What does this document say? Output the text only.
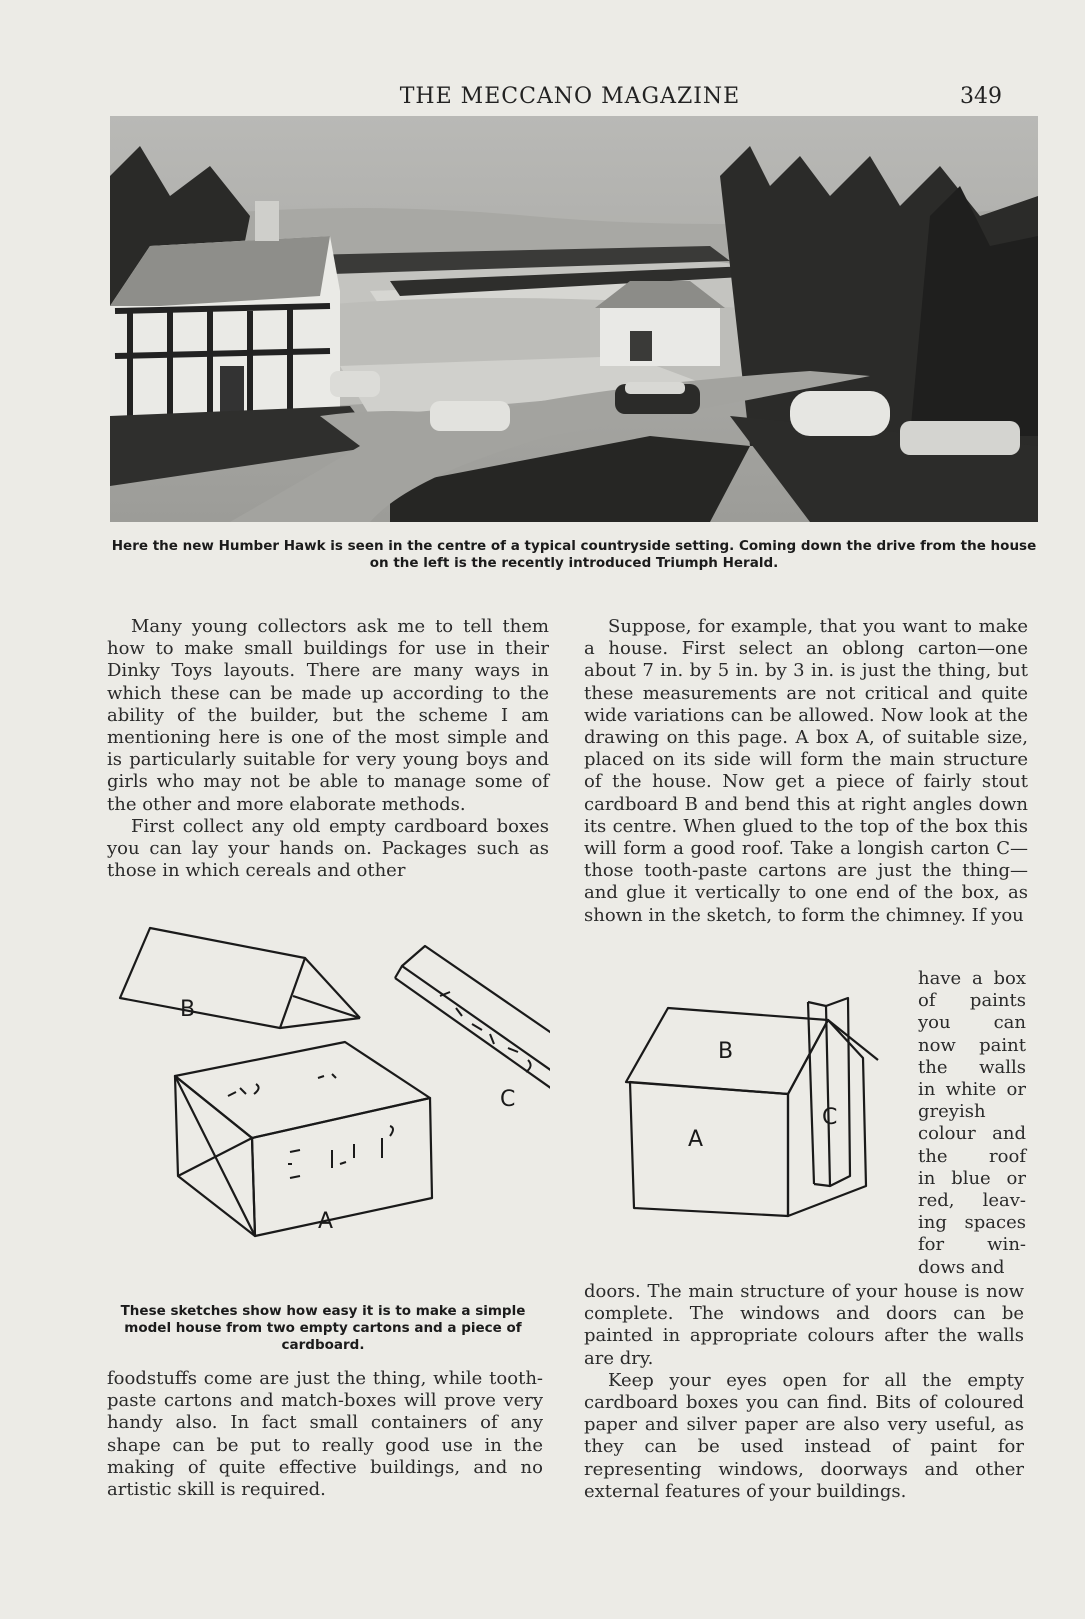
THE MECCANO MAGAZINE	349
Here the new Humber Hawk is seen in the centre of a typical countryside setting. Coming down the drive from the house on the left is the recently introduced Triumph Herald.

Many young collectors ask me to tell them how to make small buildings for use in their Dinky Toys layouts. There are many ways in which these can be made up according to the ability of the builder, but the scheme I am mentioning here is one of the most simple and is particularly suitable for very young boys and girls who may not be able to manage some of the other and more elaborate methods.

First collect any old empty cardboard boxes you can lay your hands on. Packages such as those in which cereals and other

B
C
A
These sketches show how easy it is to make a simple model house from two empty cartons and a piece of cardboard.

foodstuffs come are just the thing, while tooth-paste cartons and match-boxes will prove very handy also. In fact small containers of any shape can be put to really good use in the making of quite effective buildings, and no artistic skill is required.

Suppose, for example, that you want to make a house. First select an oblong carton—one about 7 in. by 5 in. by 3 in. is just the thing, but these measurements are not critical and quite wide variations can be allowed. Now look at the drawing on this page. A box A, of suitable size, placed on its side will form the main structure of the house. Now get a piece of fairly stout cardboard B and bend this at right angles down its centre. When glued to the top of the box this will form a good roof. Take a longish carton C—those tooth-paste cartons are just the thing—and glue it vertically to one end of the box, as shown in the sketch, to form the chimney. If you

B
A
C
have a box
of paints
you can
now paint
the walls
in white or
greyish
colour and
the roof
in blue or
red, leav-
ing spaces
for win-
dows and

doors. The main structure of your house is now complete. The windows and doors can be painted in appropriate colours after the walls are dry.

Keep your eyes open for all the empty cardboard boxes you can find. Bits of coloured paper and silver paper are also very useful, as they can be used instead of paint for representing windows, doorways and other external features of your buildings.
